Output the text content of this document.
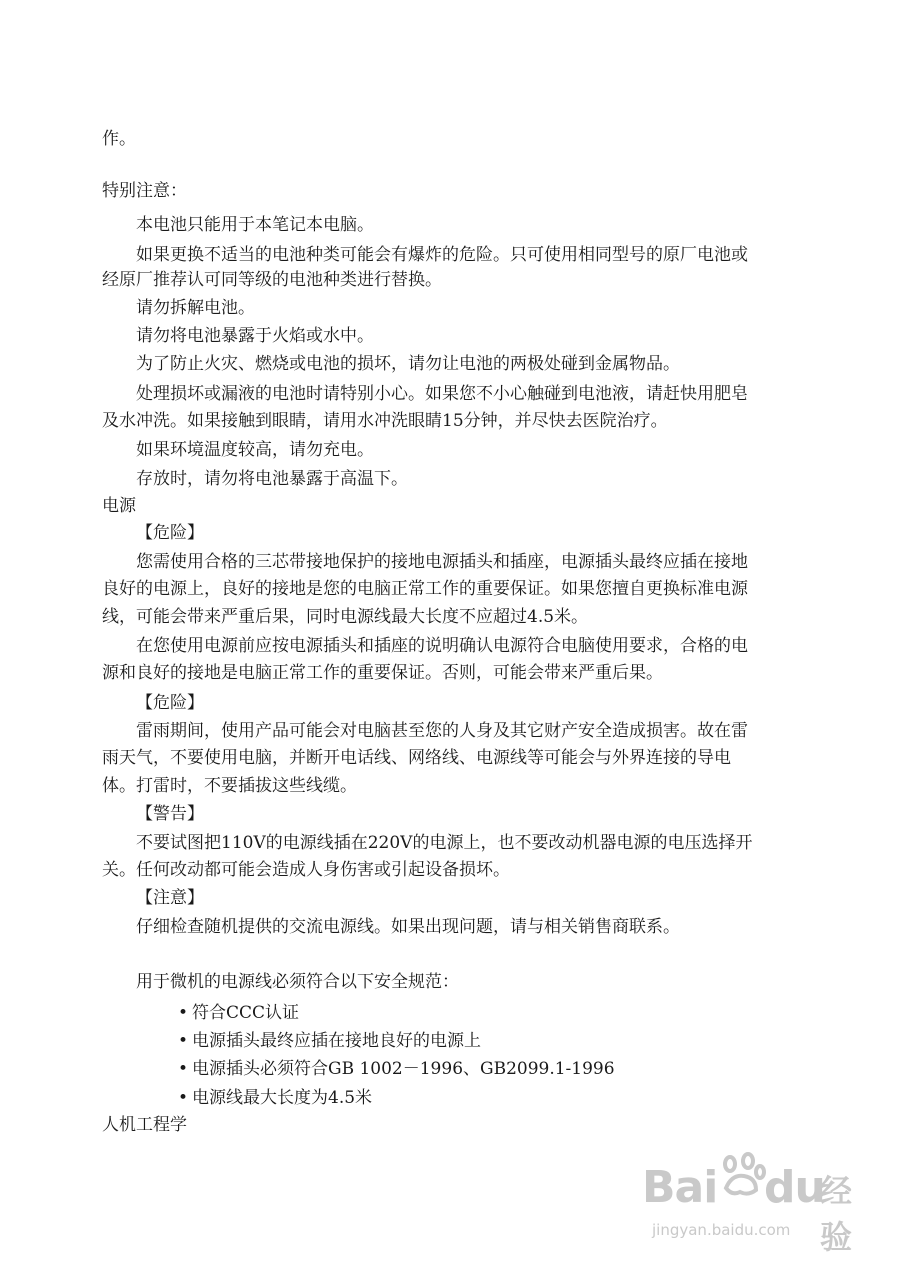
作。

特别注意：

本电池只能用于本笔记本电脑。

如果更换不适当的电池种类可能会有爆炸的危险。只可使用相同型号的原厂电池或

经原厂推荐认可同等级的电池种类进行替换。

请勿拆解电池。

请勿将电池暴露于火焰或水中。

为了防止火灾、燃烧或电池的损坏，请勿让电池的两极处碰到金属物品。

处理损坏或漏液的电池时请特别小心。如果您不小心触碰到电池液，请赶快用肥皂

及水冲洗。如果接触到眼睛，请用水冲洗眼睛15分钟，并尽快去医院治疗。

如果环境温度较高，请勿充电。

存放时，请勿将电池暴露于高温下。

电源

【危险】

您需使用合格的三芯带接地保护的接地电源插头和插座，电源插头最终应插在接地

良好的电源上，良好的接地是您的电脑正常工作的重要保证。如果您擅自更换标准电源

线，可能会带来严重后果，同时电源线最大长度不应超过4.5米。

在您使用电源前应按电源插头和插座的说明确认电源符合电脑使用要求，合格的电

源和良好的接地是电脑正常工作的重要保证。否则，可能会带来严重后果。

【危险】

雷雨期间，使用产品可能会对电脑甚至您的人身及其它财产安全造成损害。故在雷

雨天气，不要使用电脑，并断开电话线、网络线、电源线等可能会与外界连接的导电

体。打雷时，不要插拔这些线缆。

【警告】

不要试图把110V的电源线插在220V的电源上，也不要改动机器电源的电压选择开

关。任何改动都可能会造成人身伤害或引起设备损坏。

【注意】

仔细检查随机提供的交流电源线。如果出现问题，请与相关销售商联系。

用于微机的电源线必须符合以下安全规范：

• 符合CCC认证

• 电源插头最终应插在接地良好的电源上

• 电源插头必须符合GB 1002－1996、GB2099.1-1996

• 电源线最大长度为4.5米

人机工程学

Bai du
经验
jingyan.baidu.com
